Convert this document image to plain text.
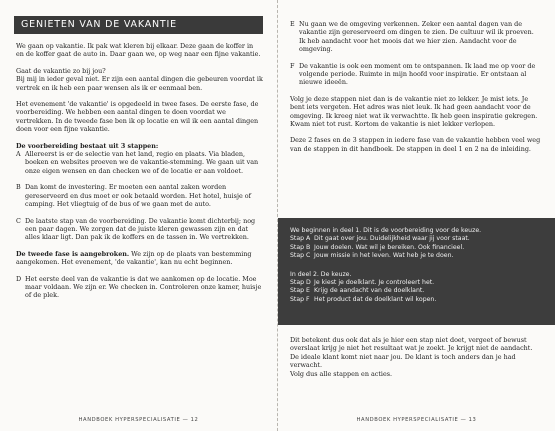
GENIETEN VAN DE VAKANTIE

We gaan op vakantie. Ik pak wat kleren bij elkaar. Deze gaan de koffer in en de koffer gaat de auto in. Daar gaan we, op weg naar een fijne vakantie.

Gaat de vakantie zo bij jou?

Bij mij in ieder geval niet. Er zijn een aantal dingen die gebeuren voordat ik vertrek en ik heb een paar wensen als ik er eenmaal ben.

Het evenement 'de vakantie' is opgedeeld in twee fases. De eerste fase, de voorbereiding. We hebben een aantal dingen te doen voordat we vertrekken. In de tweede fase ben ik op locatie en wil ik een aantal dingen doen voor een fijne vakantie.

De voorbereiding bestaat uit 3 stappen:

A Allereerst is er de selectie van het land, regio en plaats. Via bladen, boeken en websites proeven we de vakantie-stemming. We gaan uit van onze eigen wensen en dan checken we of de locatie er aan voldoet.
B Dan komt de investering. Er moeten een aantal zaken worden gereserveerd en dus moet er ook betaald worden. Het hotel, huisje of camping. Het vliegtuig of de bus of we gaan met de auto.
C De laatste stap van de voorbereiding. De vakantie komt dichterbij; nog een paar dagen. We zorgen dat de juiste kleren gewassen zijn en dat alles klaar ligt. Dan pak ik de koffers en de tassen in. We vertrekken.

De tweede fase is aangebroken. We zijn op de plaats van bestemming aangekomen. Het evenement, 'de vakantie', kan nu echt beginnen.

D Het eerste deel van de vakantie is dat we aankomen op de locatie. Moe maar voldaan. We zijn er. We checken in. Controleren onze kamer, huisje of de plek.
HANDBOEK HYPERSPECIALISATIE — 12
E Nu gaan we de omgeving verkennen. Zeker een aantal dagen van de vakantie zijn gereserveerd om dingen te zien. De cultuur wil ik proeven. Ik heb aandacht voor het moois dat we hier zien. Aandacht voor de omgeving.
F De vakantie is ook een moment om te ontspannen. Ik laad me op voor de volgende periode. Ruimte in mijn hoofd voor inspiratie. Er ontstaan al nieuwe ideeën.

Volg je deze stappen niet dan is de vakantie niet zo lekker. Je mist iets. Je bent iets vergeten. Het adres was niet leuk. Ik had geen aandacht voor de omgeving. Ik kreeg niet wat ik verwachtte. Ik heb geen inspiratie gekregen. Kwam niet tot rust. Kortom de vakantie is niet lekker verlopen.

Deze 2 fases en de 3 stappen in iedere fase van de vakantie hebben veel weg van de stappen in dit handboek. De stappen in deel 1 en 2 na de inleiding.

We beginnen in deel 1. Dit is de voorbereiding voor de keuze.

Stap A Dit gaat over jou. Duidelijkheid waar jij voor staat.
Stap B Jouw doelen. Wat wil je bereiken. Ook financieel.
Stap C Jouw missie in het leven. Wat heb je te doen.

In deel 2. De keuze.

Stap D Je kiest je doelklant. Je controleert het.
Stap E Krijg de aandacht van de doelklant.
Stap F Het product dat de doelklant wil kopen.

Dit betekent dus ook dat als je hier een stap niet doet, vergeet of bewust overslaat krijg je niet het resultaat wat je zoekt. Je krijgt niet de aandacht. De ideale klant komt niet naar jou. De klant is toch anders dan je had verwacht.

Volg dus alle stappen en acties.

HANDBOEK HYPERSPECIALISATIE — 13
